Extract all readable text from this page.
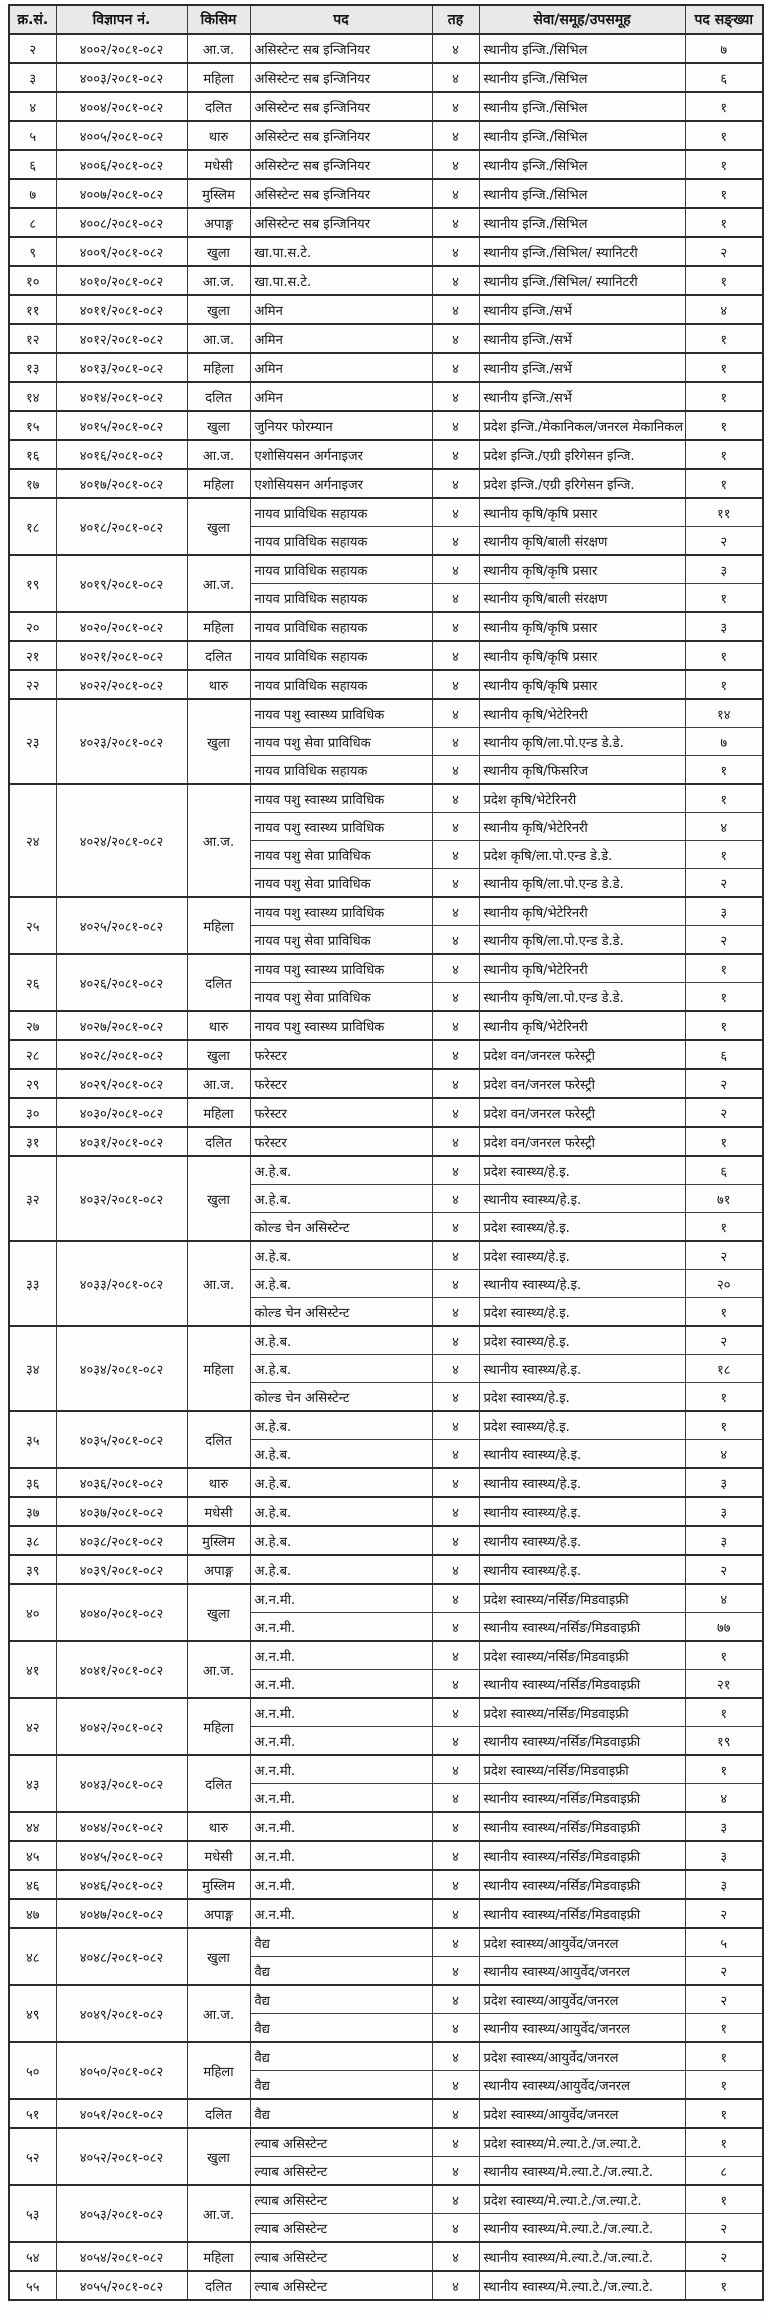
क्र.सं.	विज्ञापन नं.	किसिम	पद	तह	सेवा/समूह/उपसमूह	पद सङ्ख्या
२	४००२/२०८१-०८२	आ.ज.	असिस्टेन्ट सब इन्जिनियर	४	स्थानीय इन्जि./सिभिल	७
३	४००३/२०८१-०८२	महिला	असिस्टेन्ट सब इन्जिनियर	४	स्थानीय इन्जि./सिभिल	६
४	४००४/२०८१-०८२	दलित	असिस्टेन्ट सब इन्जिनियर	४	स्थानीय इन्जि./सिभिल	१
५	४००५/२०८१-०८२	थारु	असिस्टेन्ट सब इन्जिनियर	४	स्थानीय इन्जि./सिभिल	१
६	४००६/२०८१-०८२	मधेसी	असिस्टेन्ट सब इन्जिनियर	४	स्थानीय इन्जि./सिभिल	१
७	४००७/२०८१-०८२	मुस्लिम	असिस्टेन्ट सब इन्जिनियर	४	स्थानीय इन्जि./सिभिल	१
८	४००८/२०८१-०८२	अपाङ्ग	असिस्टेन्ट सब इन्जिनियर	४	स्थानीय इन्जि./सिभिल	१
९	४००९/२०८१-०८२	खुला	खा.पा.स.टे.	४	स्थानीय इन्जि./सिभिल/ स्यानिटरी	२
१०	४०१०/२०८१-०८२	आ.ज.	खा.पा.स.टे.	४	स्थानीय इन्जि./सिभिल/ स्यानिटरी	१
११	४०११/२०८१-०८२	खुला	अमिन	४	स्थानीय इन्जि./सर्भे	४
१२	४०१२/२०८१-०८२	आ.ज.	अमिन	४	स्थानीय इन्जि./सर्भे	१
१३	४०१३/२०८१-०८२	महिला	अमिन	४	स्थानीय इन्जि./सर्भे	१
१४	४०१४/२०८१-०८२	दलित	अमिन	४	स्थानीय इन्जि./सर्भे	१
१५	४०१५/२०८१-०८२	खुला	जुनियर फोरम्यान	४	प्रदेश इन्जि./मेकानिकल/जनरल मेकानिकल	१
१६	४०१६/२०८१-०८२	आ.ज.	एशोसियसन अर्गनाइजर	४	प्रदेश इन्जि./एग्री इरिगेसन इन्जि.	१
१७	४०१७/२०८१-०८२	महिला	एशोसियसन अर्गनाइजर	४	प्रदेश इन्जि./एग्री इरिगेसन इन्जि.	१
१८	४०१८/२०८१-०८२	खुला	नायव प्राविधिक सहायक	४	स्थानीय कृषि/कृषि प्रसार	११
			नायव प्राविधिक सहायक	४	स्थानीय कृषि/बाली संरक्षण	२
१९	४०१९/२०८१-०८२	आ.ज.	नायव प्राविधिक सहायक	४	स्थानीय कृषि/कृषि प्रसार	३
			नायव प्राविधिक सहायक	४	स्थानीय कृषि/बाली संरक्षण	१
२०	४०२०/२०८१-०८२	महिला	नायव प्राविधिक सहायक	४	स्थानीय कृषि/कृषि प्रसार	३
२१	४०२१/२०८१-०८२	दलित	नायव प्राविधिक सहायक	४	स्थानीय कृषि/कृषि प्रसार	१
२२	४०२२/२०८१-०८२	थारु	नायव प्राविधिक सहायक	४	स्थानीय कृषि/कृषि प्रसार	१
२३	४०२३/२०८१-०८२	खुला	नायव पशु स्वास्थ्य प्राविधिक	४	स्थानीय कृषि/भेटेरिनरी	१४
			नायव पशु सेवा प्राविधिक	४	स्थानीय कृषि/ला.पो.एन्ड डे.डे.	७
			नायव प्राविधिक सहायक	४	स्थानीय कृषि/फिसरिज	१
२४	४०२४/२०८१-०८२	आ.ज.	नायव पशु स्वास्थ्य प्राविधिक	४	प्रदेश कृषि/भेटेरिनरी	१
			नायव पशु स्वास्थ्य प्राविधिक	४	स्थानीय कृषि/भेटेरिनरी	४
			नायव पशु सेवा प्राविधिक	४	प्रदेश कृषि/ला.पो.एन्ड डे.डे.	१
			नायव पशु सेवा प्राविधिक	४	स्थानीय कृषि/ला.पो.एन्ड डे.डे.	२
२५	४०२५/२०८१-०८२	महिला	नायव पशु स्वास्थ्य प्राविधिक	४	स्थानीय कृषि/भेटेरिनरी	३
			नायव पशु सेवा प्राविधिक	४	स्थानीय कृषि/ला.पो.एन्ड डे.डे.	२
२६	४०२६/२०८१-०८२	दलित	नायव पशु स्वास्थ्य प्राविधिक	४	स्थानीय कृषि/भेटेरिनरी	१
			नायव पशु सेवा प्राविधिक	४	स्थानीय कृषि/ला.पो.एन्ड डे.डे.	१
२७	४०२७/२०८१-०८२	थारु	नायव पशु स्वास्थ्य प्राविधिक	४	स्थानीय कृषि/भेटेरिनरी	१
२८	४०२८/२०८१-०८२	खुला	फरेस्टर	४	प्रदेश वन/जनरल फरेस्ट्री	६
२९	४०२९/२०८१-०८२	आ.ज.	फरेस्टर	४	प्रदेश वन/जनरल फरेस्ट्री	२
३०	४०३०/२०८१-०८२	महिला	फरेस्टर	४	प्रदेश वन/जनरल फरेस्ट्री	२
३१	४०३१/२०८१-०८२	दलित	फरेस्टर	४	प्रदेश वन/जनरल फरेस्ट्री	१
३२	४०३२/२०८१-०८२	खुला	अ.हे.ब.	४	प्रदेश स्वास्थ्य/हे.इ.	६
			अ.हे.ब.	४	स्थानीय स्वास्थ्य/हे.इ.	७१
			कोल्ड चेन असिस्टेन्ट	४	प्रदेश स्वास्थ्य/हे.इ.	१
३३	४०३३/२०८१-०८२	आ.ज.	अ.हे.ब.	४	प्रदेश स्वास्थ्य/हे.इ.	२
			अ.हे.ब.	४	स्थानीय स्वास्थ्य/हे.इ.	२०
			कोल्ड चेन असिस्टेन्ट	४	प्रदेश स्वास्थ्य/हे.इ.	१
३४	४०३४/२०८१-०८२	महिला	अ.हे.ब.	४	प्रदेश स्वास्थ्य/हे.इ.	२
			अ.हे.ब.	४	स्थानीय स्वास्थ्य/हे.इ.	१८
			कोल्ड चेन असिस्टेन्ट	४	प्रदेश स्वास्थ्य/हे.इ.	१
३५	४०३५/२०८१-०८२	दलित	अ.हे.ब.	४	प्रदेश स्वास्थ्य/हे.इ.	१
			अ.हे.ब.	४	स्थानीय स्वास्थ्य/हे.इ.	४
३६	४०३६/२०८१-०८२	थारु	अ.हे.ब.	४	स्थानीय स्वास्थ्य/हे.इ.	३
३७	४०३७/२०८१-०८२	मधेसी	अ.हे.ब.	४	स्थानीय स्वास्थ्य/हे.इ.	३
३८	४०३८/२०८१-०८२	मुस्लिम	अ.हे.ब.	४	स्थानीय स्वास्थ्य/हे.इ.	३
३९	४०३९/२०८१-०८२	अपाङ्ग	अ.हे.ब.	४	स्थानीय स्वास्थ्य/हे.इ.	२
४०	४०४०/२०८१-०८२	खुला	अ.न.मी.	४	प्रदेश स्वास्थ्य/नर्सिङ/मिडवाइफ्री	४
			अ.न.मी.	४	स्थानीय स्वास्थ्य/नर्सिङ/मिडवाइफ्री	७७
४१	४०४१/२०८१-०८२	आ.ज.	अ.न.मी.	४	प्रदेश स्वास्थ्य/नर्सिङ/मिडवाइफ्री	१
			अ.न.मी.	४	स्थानीय स्वास्थ्य/नर्सिङ/मिडवाइफ्री	२१
४२	४०४२/२०८१-०८२	महिला	अ.न.मी.	४	प्रदेश स्वास्थ्य/नर्सिङ/मिडवाइफ्री	१
			अ.न.मी.	४	स्थानीय स्वास्थ्य/नर्सिङ/मिडवाइफ्री	१९
४३	४०४३/२०८१-०८२	दलित	अ.न.मी.	४	प्रदेश स्वास्थ्य/नर्सिङ/मिडवाइफ्री	१
			अ.न.मी.	४	स्थानीय स्वास्थ्य/नर्सिङ/मिडवाइफ्री	४
४४	४०४४/२०८१-०८२	थारु	अ.न.मी.	४	स्थानीय स्वास्थ्य/नर्सिङ/मिडवाइफ्री	३
४५	४०४५/२०८१-०८२	मधेसी	अ.न.मी.	४	स्थानीय स्वास्थ्य/नर्सिङ/मिडवाइफ्री	३
४६	४०४६/२०८१-०८२	मुस्लिम	अ.न.मी.	४	स्थानीय स्वास्थ्य/नर्सिङ/मिडवाइफ्री	३
४७	४०४७/२०८१-०८२	अपाङ्ग	अ.न.मी.	४	स्थानीय स्वास्थ्य/नर्सिङ/मिडवाइफ्री	२
४८	४०४८/२०८१-०८२	खुला	वैद्य	४	प्रदेश स्वास्थ्य/आयुर्वेद/जनरल	५
			वैद्य	४	स्थानीय स्वास्थ्य/आयुर्वेद/जनरल	२
४९	४०४९/२०८१-०८२	आ.ज.	वैद्य	४	प्रदेश स्वास्थ्य/आयुर्वेद/जनरल	२
			वैद्य	४	स्थानीय स्वास्थ्य/आयुर्वेद/जनरल	१
५०	४०५०/२०८१-०८२	महिला	वैद्य	४	प्रदेश स्वास्थ्य/आयुर्वेद/जनरल	१
			वैद्य	४	स्थानीय स्वास्थ्य/आयुर्वेद/जनरल	१
५१	४०५१/२०८१-०८२	दलित	वैद्य	४	प्रदेश स्वास्थ्य/आयुर्वेद/जनरल	१
५२	४०५२/२०८१-०८२	खुला	ल्याब असिस्टेन्ट	४	प्रदेश स्वास्थ्य/मे.ल्या.टे./ज.ल्या.टे.	१
			ल्याब असिस्टेन्ट	४	स्थानीय स्वास्थ्य/मे.ल्या.टे./ज.ल्या.टे.	८
५३	४०५३/२०८१-०८२	आ.ज.	ल्याब असिस्टेन्ट	४	प्रदेश स्वास्थ्य/मे.ल्या.टे./ज.ल्या.टे.	१
			ल्याब असिस्टेन्ट	४	स्थानीय स्वास्थ्य/मे.ल्या.टे./ज.ल्या.टे.	२
५४	४०५४/२०८१-०८२	महिला	ल्याब असिस्टेन्ट	४	स्थानीय स्वास्थ्य/मे.ल्या.टे./ज.ल्या.टे.	२
५५	४०५५/२०८१-०८२	दलित	ल्याब असिस्टेन्ट	४	स्थानीय स्वास्थ्य/मे.ल्या.टे./ज.ल्या.टे.	१
